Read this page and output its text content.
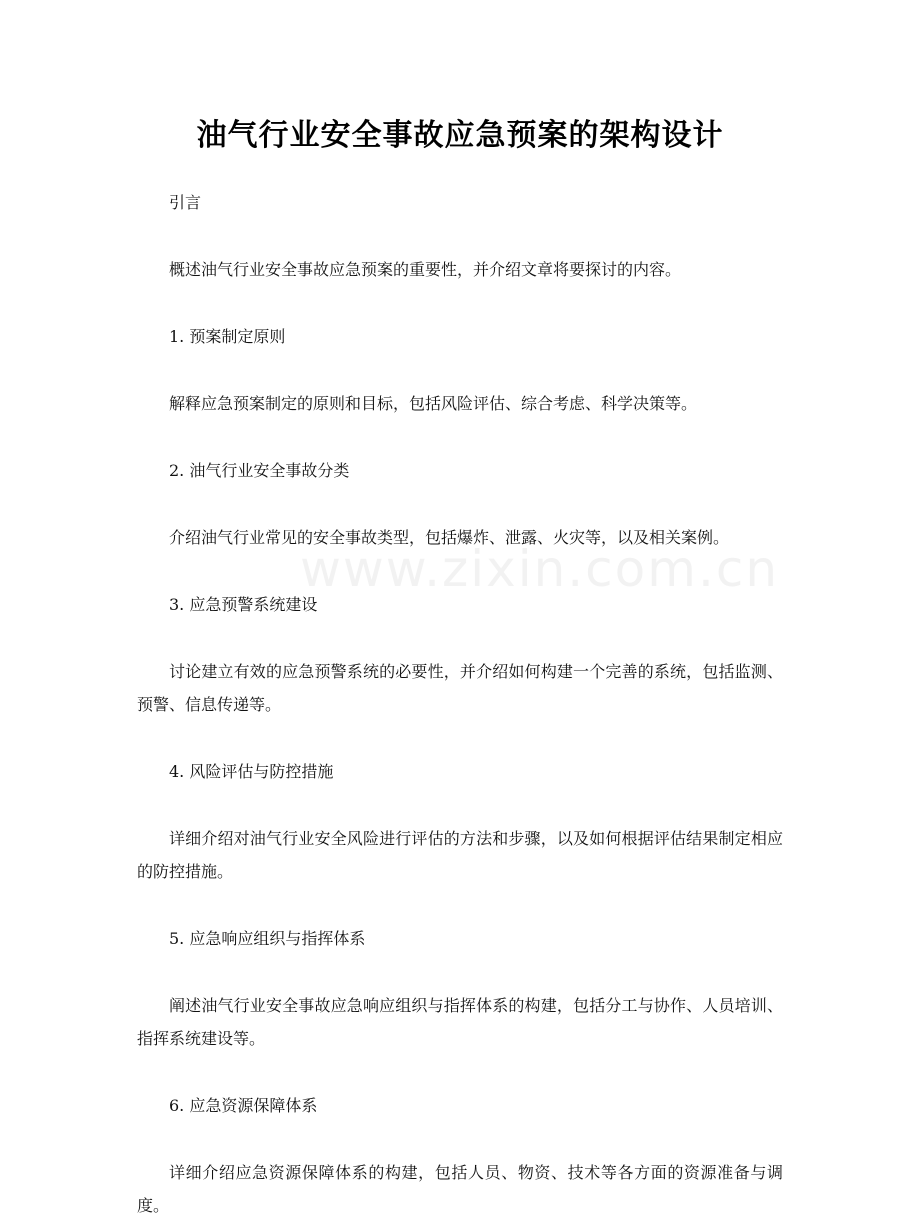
油气行业安全事故应急预案的架构设计
www.zixin.com.cn

引言

概述油气行业安全事故应急预案的重要性，并介绍文章将要探讨的内容。

1. 预案制定原则

解释应急预案制定的原则和目标，包括风险评估、综合考虑、科学决策等。

2. 油气行业安全事故分类

介绍油气行业常见的安全事故类型，包括爆炸、泄露、火灾等，以及相关案例。

3. 应急预警系统建设

讨论建立有效的应急预警系统的必要性，并介绍如何构建一个完善的系统，包括监测、预警、信息传递等。

4. 风险评估与防控措施

详细介绍对油气行业安全风险进行评估的方法和步骤，以及如何根据评估结果制定相应的防控措施。

5. 应急响应组织与指挥体系

阐述油气行业安全事故应急响应组织与指挥体系的构建，包括分工与协作、人员培训、指挥系统建设等。

6. 应急资源保障体系

详细介绍应急资源保障体系的构建，包括人员、物资、技术等各方面的资源准备与调度。
